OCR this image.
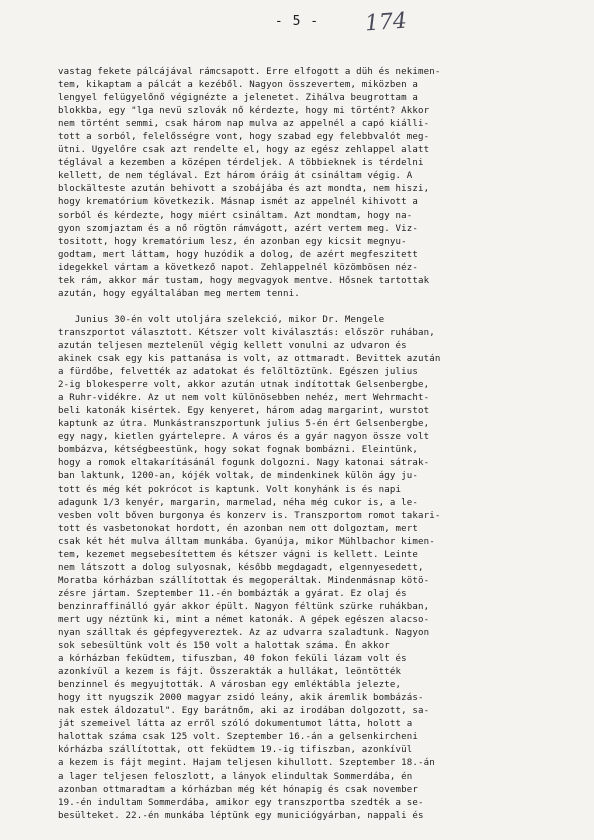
- 5 -	174
vastag fekete pálcájával rámcsapott. Erre elfogott a düh és nekimen-
tem, kikaptam a pálcát a kezéből. Nagyon összevertem, miközben a
lengyel felügyelőnő végignézte a jelenetet. Zihálva beugrottam a
blokkba, egy "lga nevü szlovák nő kérdezte, hogy mi történt? Akkor
nem történt semmi, csak három nap mulva az appelnél a capó kiálli-
tott a sorból, felelősségre vont, hogy szabad egy felebbvalót meg-
ütni. Ugyelőre csak azt rendelte el, hogy az egész zehlappel alatt
téglával a kezemben a középen térdeljek. A többieknek is térdelni
kellett, de nem téglával. Ezt három óráig át csináltam végig. A
blockälteste azután behivott a szobájába és azt mondta, nem hiszi,
hogy krematórium következik. Másnap ismét az appelnél kihivott a
sorból és kérdezte, hogy miért csináltam. Azt mondtam, hogy na-
gyon szomjaztam és a nő rögtön rámvágott, azért vertem meg. Viz-
tositott, hogy krematórium lesz, én azonban egy kicsit megnyu-
godtam, mert láttam, hogy huzódik a dolog, de azért megfeszitett
idegekkel vártam a következő napot. Zehlappelnél közömbösen néz-
tek rám, akkor már tustam, hogy megvagyok mentve. Hősnek tartottak
azután, hogy egyáltalában meg mertem tenni.
Junius 30-én volt utoljára szelekció, mikor Dr. Mengele
transzportot választott. Kétszer volt kiválasztás: először ruhában,
azután teljesen meztelenül végig kellett vonulni az udvaron és
akinek csak egy kis pattanása is volt, az ottmaradt. Bevittek azután
a fürdőbe, felvették az adatokat és felöltöztünk. Egészen julius
2-ig blokesperre volt, akkor azután utnak indítottak Gelsenbergbe,
a Ruhr-vidékre. Az ut nem volt különösebben nehéz, mert Wehrmacht-
beli katonák kisértek. Egy kenyeret, három adag margarint, wurstot
kaptunk az útra. Munkástranszportunk julius 5-én ért Gelsenbergbe,
egy nagy, kietlen gyártelepre. A város és a gyár nagyon össze volt
bombázva, kétségbeestünk, hogy sokat fognak bombázni. Eleintünk,
hogy a romok eltakarításánál fogunk dolgozni. Nagy katonai sátrak-
ban laktunk, 1200-an, kójék voltak, de mindenkinek külön ágy ju-
tott és még két pokrócot is kaptunk. Volt konyhánk is és napi
adagunk 1/3 kenyér, margarin, marmelad, néha még cukor is, a le-
vesben volt bőven burgonya és konzerv is. Transzportom romot takari-
tott és vasbetonokat hordott, én azonban nem ott dolgoztam, mert
csak két hét mulva álltam munkába. Gyanúja, mikor Mühlbachor kimen-
tem, kezemet megsebesítettem és kétszer vágni is kellett. Leinte
nem látszott a dolog sulyosnak, később megdagadt, elgennyesedett,
Moratba kórházban szállítottak és megoperáltak. Mindenmásnap kötö-
zésre jártam. Szeptember 11.-én bombázták a gyárat. Ez olaj és
benzinraffinálló gyár akkor épült. Nagyon féltünk szürke ruhákban,
mert ugy néztünk ki, mint a német katonák. A gépek egészen alacso-
nyan szálltak és gépfegyvereztek. Az az udvarra szaladtunk. Nagyon
sok sebesültünk volt és 150 volt a halottak száma. Én akkor
a kórházban feküdtem, tifuszban, 40 fokon feküli lázam volt és
azonkívül a kezem is fájt. Összerakták a hullákat, leöntötték
benzinnel és megyujtották. A városban egy emléktábla jelezte,
hogy itt nyugszik 2000 magyar zsidó leány, akik áremlik bombázás-
nak estek áldozatul". Egy barátnőm, aki az irodában dolgozott, sa-
ját szemeivel látta az erről szóló dokumentumot látta, holott a
halottak száma csak 125 volt. Szeptember 16.-án a gelsenkircheni
kórházba szállítottak, ott feküdtem 19.-ig tifiszban, azonkívül
a kezem is fájt megint. Hajam teljesen kihullott. Szeptember 18.-án
a lager teljesen feloszlott, a lányok elindultak Sommerdába, én
azonban ottmaradtam a kórházban még két hónapig és csak november
19.-én indultam Sommerdába, amikor egy transzportba szedték a se-
besülteket. 22.-én munkába léptünk egy municiógyárban, nappali és
